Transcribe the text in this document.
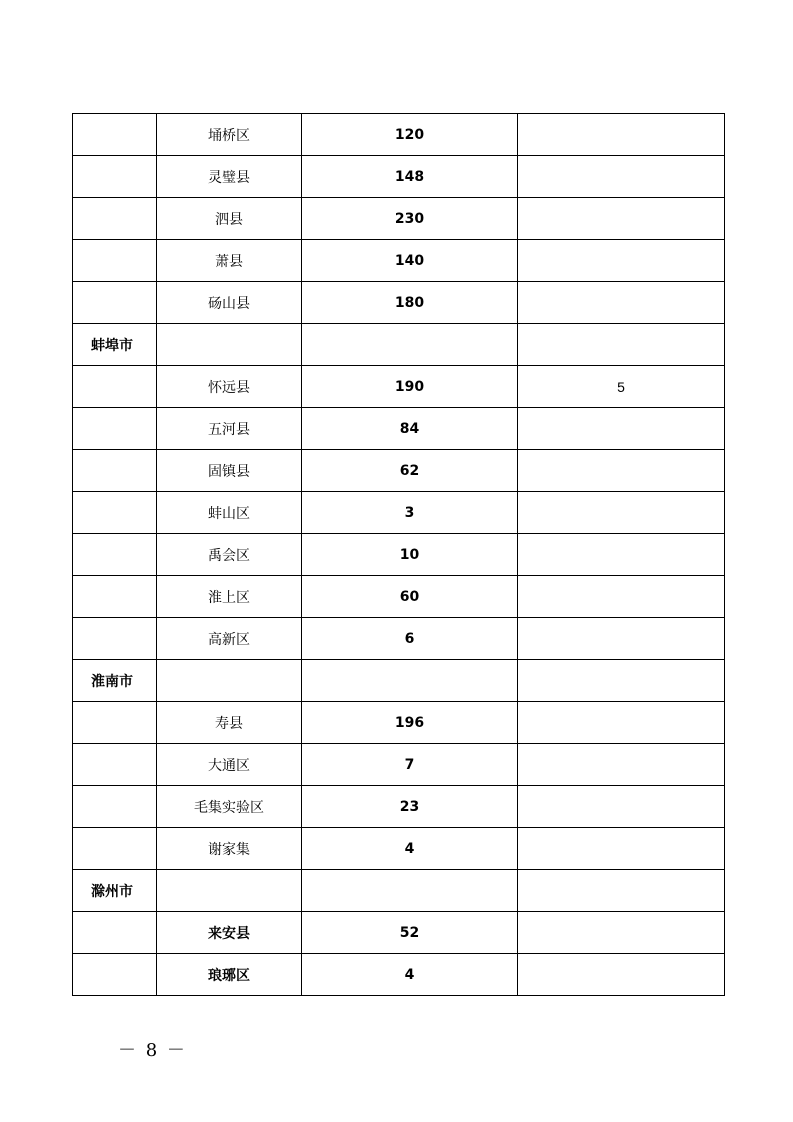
	埇桥区	120	
	灵璧县	148	
	泗县	230	
	萧县	140	
	砀山县	180	
蚌埠市			
	怀远县	190	5
	五河县	84	
	固镇县	62	
	蚌山区	3	
	禹会区	10	
	淮上区	60	
	高新区	6	
淮南市			
	寿县	196	
	大通区	7	
	毛集实验区	23	
	谢家集	4	
滁州市			
	来安县	52	
	琅琊区	4	
－ 8 －
